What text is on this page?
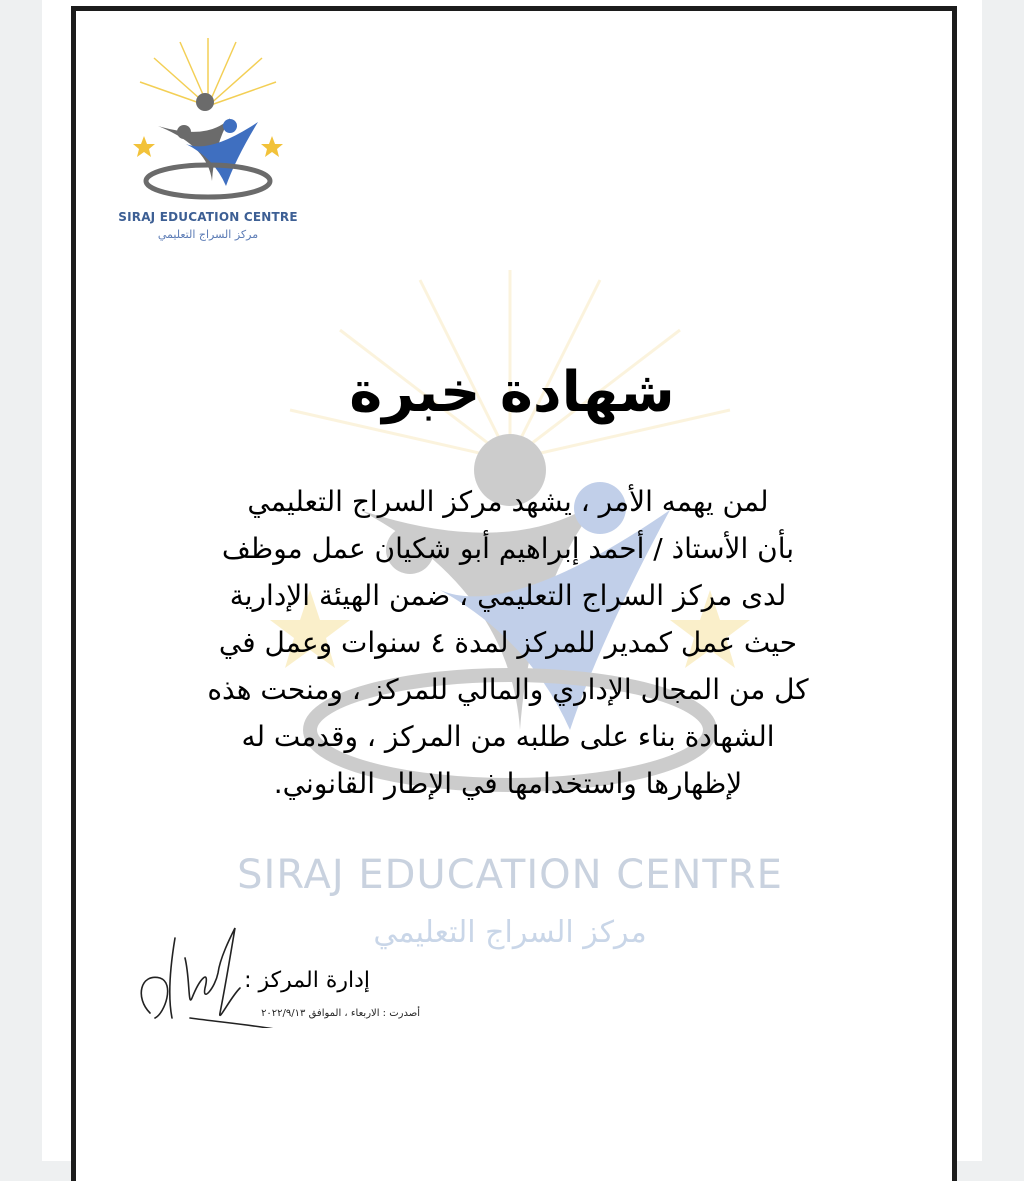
SIRAJ EDUCATION CENTRE
مركز السراج التعليمي
SIRAJ EDUCATION CENTRE
مركز السراج التعليمي
شهادة خبرة
لمن يهمه الأمر ، يشهد مركز السراج التعليمي
بأن الأستاذ / أحمد إبراهيم أبو شكيان عمل موظف
لدى مركز السراج التعليمي ، ضمن الهيئة الإدارية
حيث عمل كمدير للمركز لمدة ٤ سنوات وعمل في
كل من المجال الإداري والمالي للمركز ، ومنحت هذه
الشهادة بناء على طلبه من المركز ، وقدمت له
لإظهارها واستخدامها في الإطار القانوني.
إدارة المركز :
أصدرت : الاربعاء ، الموافق ٢٠٢٢/٩/١٣
